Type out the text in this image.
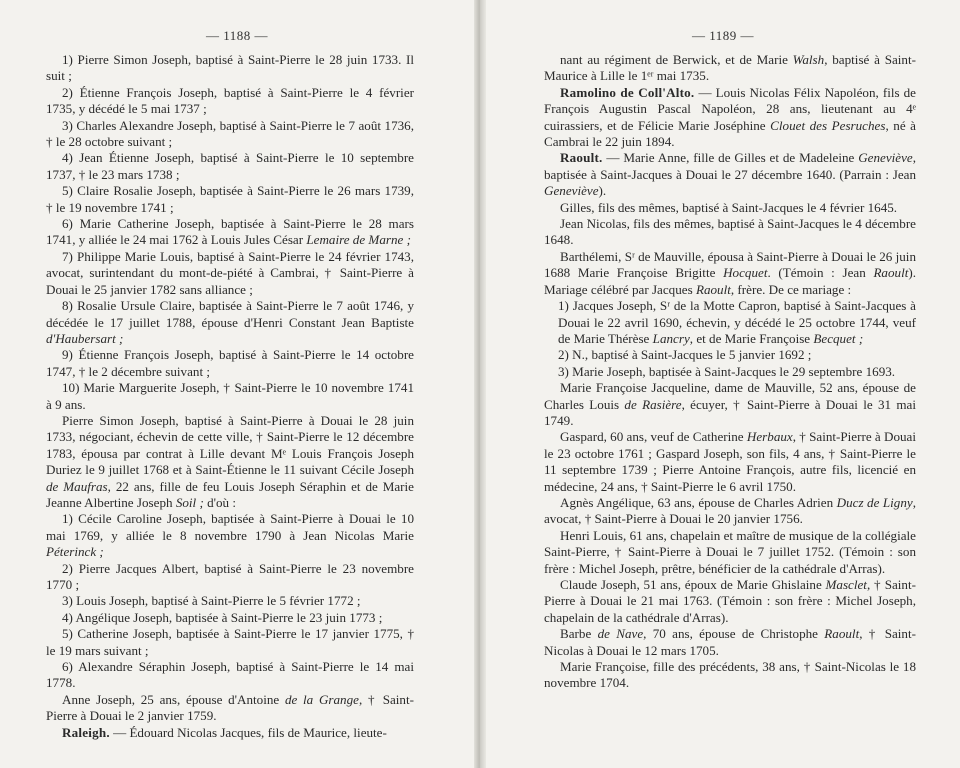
— 1188 —

1) Pierre Simon Joseph, baptisé à Saint-Pierre le 28 juin 1733. Il suit ;

2) Étienne François Joseph, baptisé à Saint-Pierre le 4 février 1735, y décédé le 5 mai 1737 ;

3) Charles Alexandre Joseph, baptisé à Saint-Pierre le 7 août 1736, † le 28 octobre suivant ;

4) Jean Étienne Joseph, baptisé à Saint-Pierre le 10 septembre 1737, † le 23 mars 1738 ;

5) Claire Rosalie Joseph, baptisée à Saint-Pierre le 26 mars 1739, † le 19 novembre 1741 ;

6) Marie Catherine Joseph, baptisée à Saint-Pierre le 28 mars 1741, y alliée le 24 mai 1762 à Louis Jules César Lemaire de Marne ;

7) Philippe Marie Louis, baptisé à Saint-Pierre le 24 février 1743, avocat, surintendant du mont-de-piété à Cambrai, † Saint-Pierre à Douai le 25 janvier 1782 sans alliance ;

8) Rosalie Ursule Claire, baptisée à Saint-Pierre le 7 août 1746, y décédée le 17 juillet 1788, épouse d'Henri Constant Jean Baptiste d'Haubersart ;

9) Étienne François Joseph, baptisé à Saint-Pierre le 14 octobre 1747, † le 2 décembre suivant ;

10) Marie Marguerite Joseph, † Saint-Pierre le 10 novembre 1741 à 9 ans.

Pierre Simon Joseph, baptisé à Saint-Pierre à Douai le 28 juin 1733, négociant, échevin de cette ville, † Saint-Pierre le 12 décembre 1783, épousa par contrat à Lille devant Mᵉ Louis François Joseph Duriez le 9 juillet 1768 et à Saint-Étienne le 11 suivant Cécile Joseph de Maufras, 22 ans, fille de feu Louis Joseph Séraphin et de Marie Jeanne Albertine Joseph Soil ; d'où :

1) Cécile Caroline Joseph, baptisée à Saint-Pierre à Douai le 10 mai 1769, y alliée le 8 novembre 1790 à Jean Nicolas Marie Péterinck ;

2) Pierre Jacques Albert, baptisé à Saint-Pierre le 23 novembre 1770 ;

3) Louis Joseph, baptisé à Saint-Pierre le 5 février 1772 ;

4) Angélique Joseph, baptisée à Saint-Pierre le 23 juin 1773 ;

5) Catherine Joseph, baptisée à Saint-Pierre le 17 janvier 1775, † le 19 mars suivant ;

6) Alexandre Séraphin Joseph, baptisé à Saint-Pierre le 14 mai 1778.

Anne Joseph, 25 ans, épouse d'Antoine de la Grange, † Saint-Pierre à Douai le 2 janvier 1759.

Raleigh. — Édouard Nicolas Jacques, fils de Maurice, lieute-

— 1189 —

nant au régiment de Berwick, et de Marie Walsh, baptisé à Saint-Maurice à Lille le 1ᵉʳ mai 1735.

Ramolino de Coll'Alto. — Louis Nicolas Félix Napoléon, fils de François Augustin Pascal Napoléon, 28 ans, lieutenant au 4ᵉ cuirassiers, et de Félicie Marie Joséphine Clouet des Pesruches, né à Cambrai le 22 juin 1894.

Raoult. — Marie Anne, fille de Gilles et de Madeleine Geneviève, baptisée à Saint-Jacques à Douai le 27 décembre 1640. (Parrain : Jean Geneviève).

Gilles, fils des mêmes, baptisé à Saint-Jacques le 4 février 1645.

Jean Nicolas, fils des mêmes, baptisé à Saint-Jacques le 4 décembre 1648.

Barthélemi, Sʳ de Mauville, épousa à Saint-Pierre à Douai le 26 juin 1688 Marie Françoise Brigitte Hocquet. (Témoin : Jean Raoult). Mariage célébré par Jacques Raoult, frère. De ce mariage :

1) Jacques Joseph, Sʳ de la Motte Capron, baptisé à Saint-Jacques à Douai le 22 avril 1690, échevin, y décédé le 25 octobre 1744, veuf de Marie Thérèse Lancry, et de Marie Françoise Becquet ;

2) N., baptisé à Saint-Jacques le 5 janvier 1692 ;

3) Marie Joseph, baptisée à Saint-Jacques le 29 septembre 1693.

Marie Françoise Jacqueline, dame de Mauville, 52 ans, épouse de Charles Louis de Rasière, écuyer, † Saint-Pierre à Douai le 31 mai 1749.

Gaspard, 60 ans, veuf de Catherine Herbaux, † Saint-Pierre à Douai le 23 octobre 1761 ; Gaspard Joseph, son fils, 4 ans, † Saint-Pierre le 11 septembre 1739 ; Pierre Antoine François, autre fils, licencié en médecine, 24 ans, † Saint-Pierre le 6 avril 1750.

Agnès Angélique, 63 ans, épouse de Charles Adrien Ducz de Ligny, avocat, † Saint-Pierre à Douai le 20 janvier 1756.

Henri Louis, 61 ans, chapelain et maître de musique de la collégiale Saint-Pierre, † Saint-Pierre à Douai le 7 juillet 1752. (Témoin : son frère : Michel Joseph, prêtre, bénéficier de la cathédrale d'Arras).

Claude Joseph, 51 ans, époux de Marie Ghislaine Masclet, † Saint-Pierre à Douai le 21 mai 1763. (Témoin : son frère : Michel Joseph, chapelain de la cathédrale d'Arras).

Barbe de Nave, 70 ans, épouse de Christophe Raoult, † Saint-Nicolas à Douai le 12 mars 1705.

Marie Françoise, fille des précédents, 38 ans, † Saint-Nicolas le 18 novembre 1704.
